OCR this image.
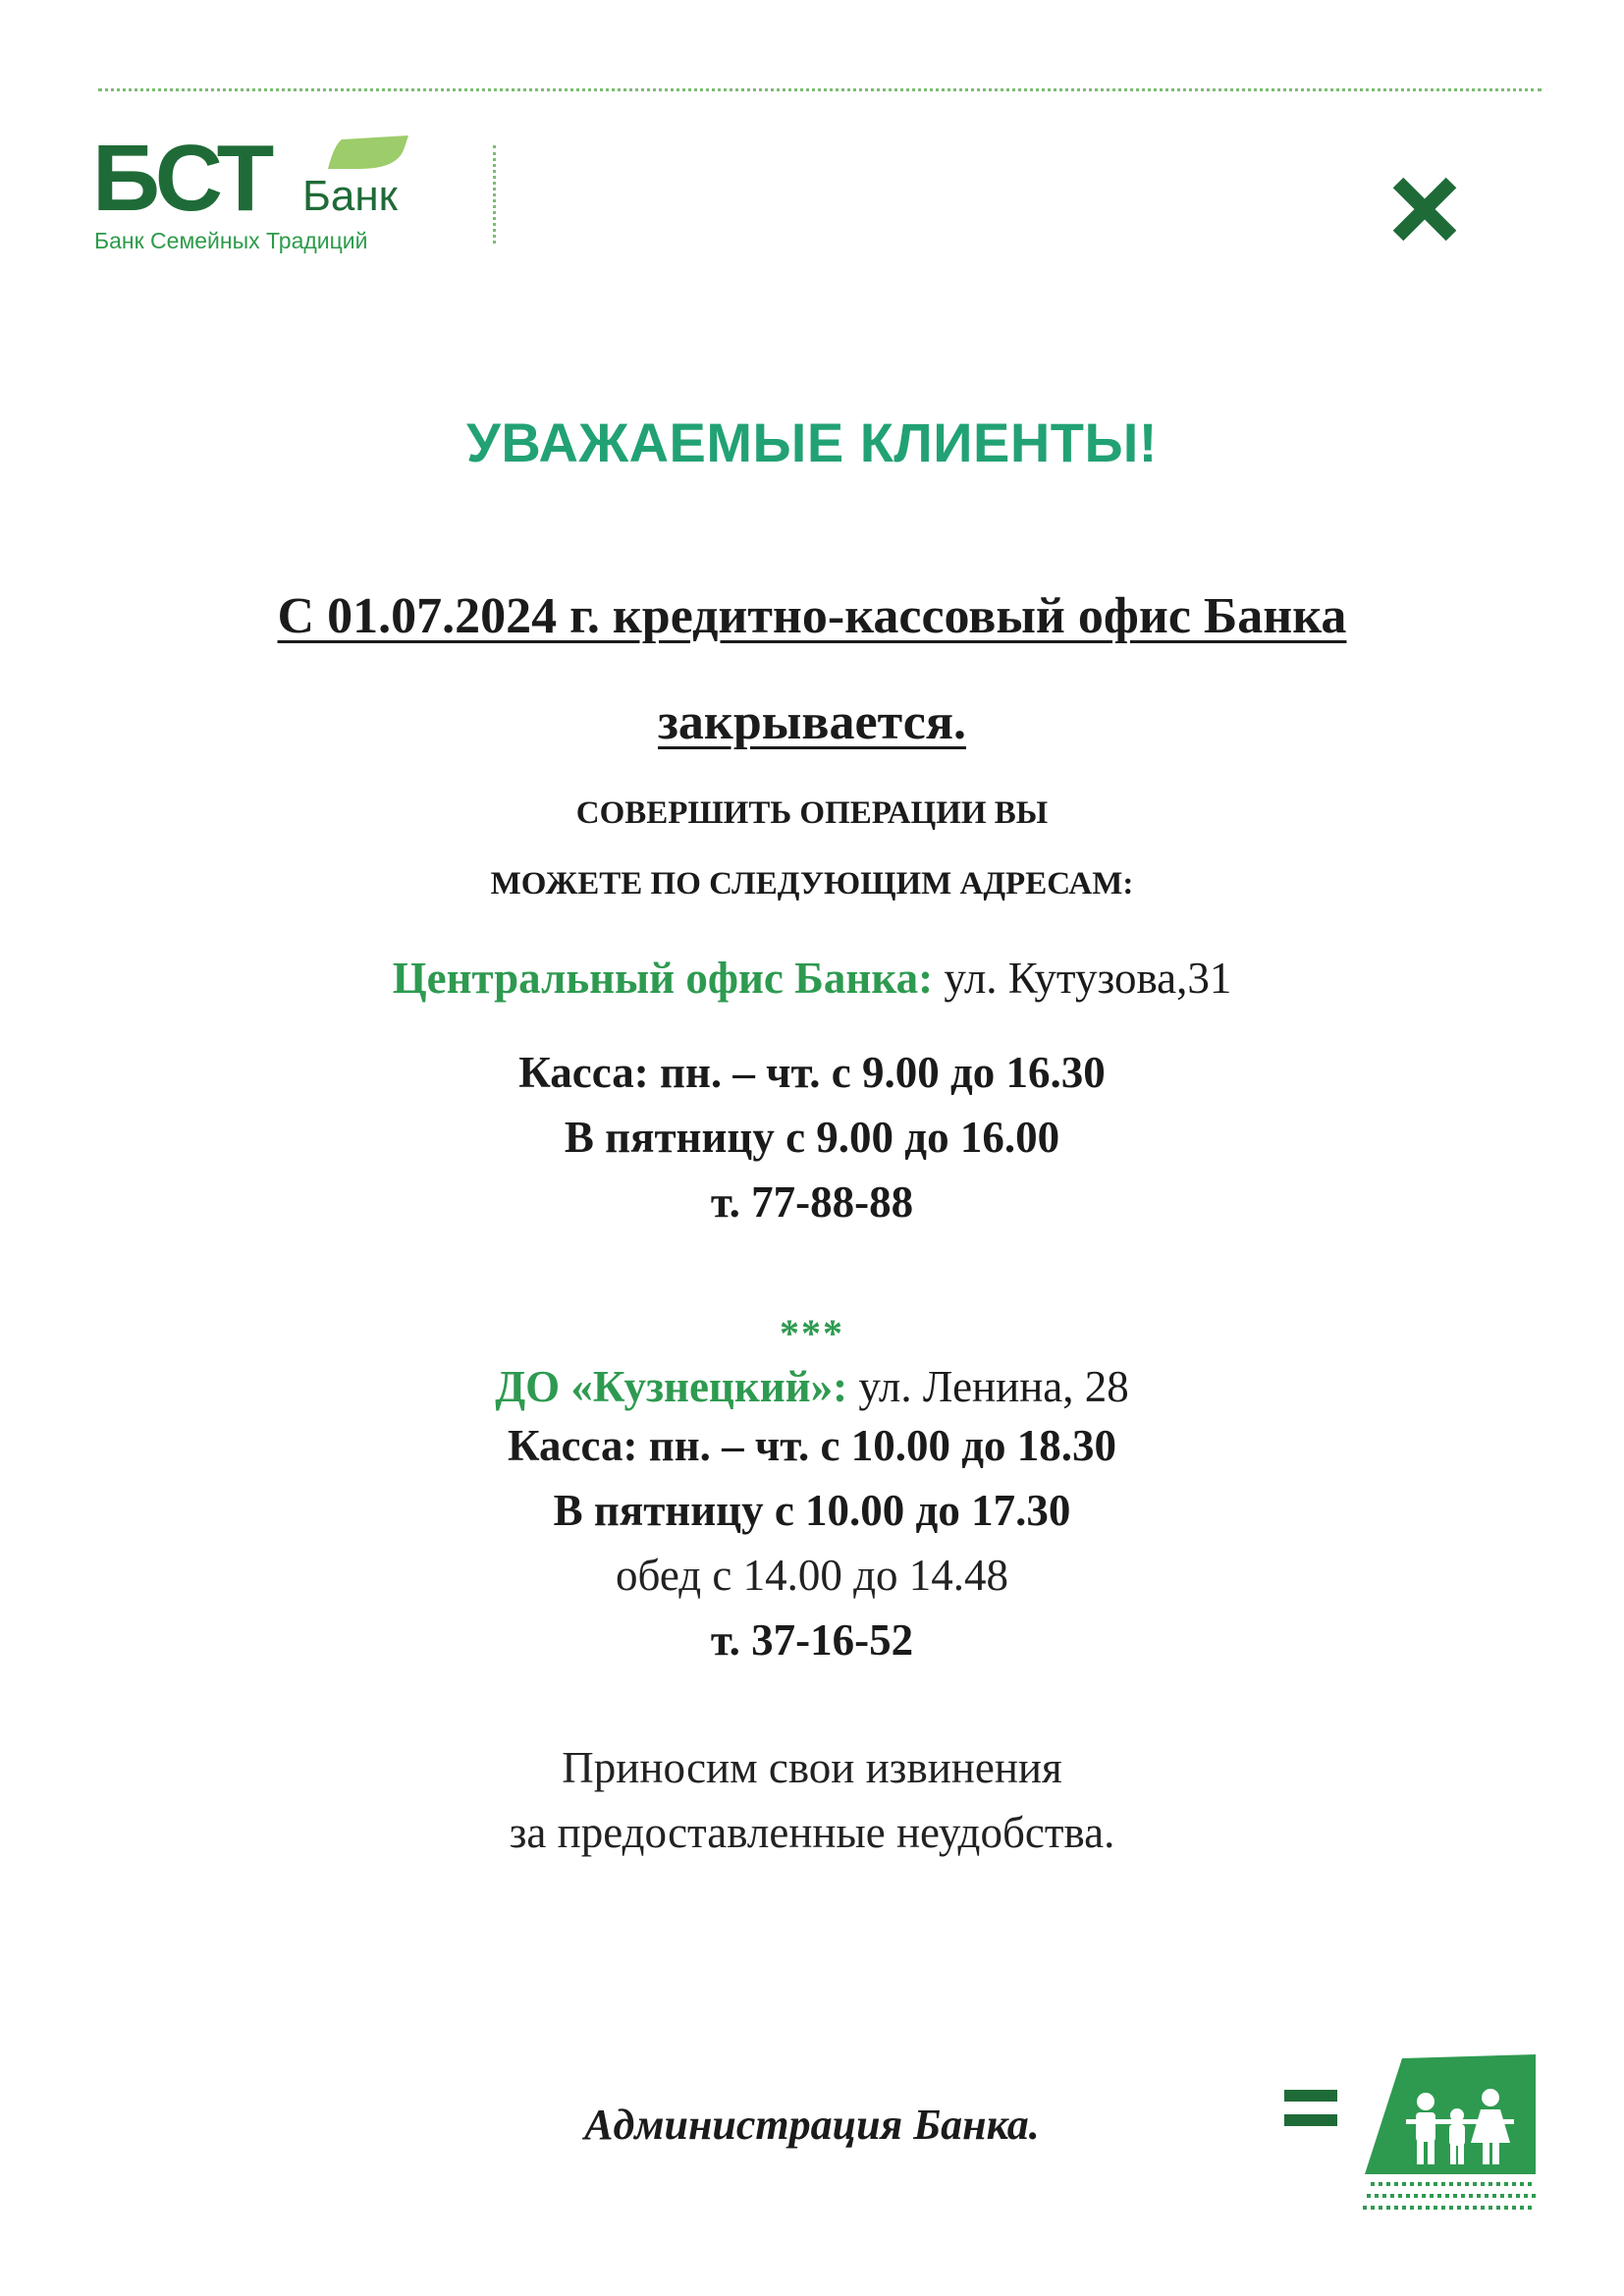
БСТ Банк
Банк Семейных Традиций
УВАЖАЕМЫЕ КЛИЕНТЫ!
С 01.07.2024 г. кредитно-кассовый офис Банка
закрывается.
СОВЕРШИТЬ ОПЕРАЦИИ ВЫ
МОЖЕТЕ ПО СЛЕДУЮЩИМ АДРЕСАМ:
Центральный офис Банка: ул. Кутузова,31
Касса: пн. – чт. с 9.00 до 16.30
В пятницу с 9.00 до 16.00
т. 77-88-88
***
ДО «Кузнецкий»: ул. Ленина, 28
Касса: пн. – чт. с 10.00 до 18.30
В пятницу с 10.00 до 17.30
обед с 14.00 до 14.48
т. 37-16-52
Приносим свои извинения
за предоставленные неудобства.
Администрация Банка.
